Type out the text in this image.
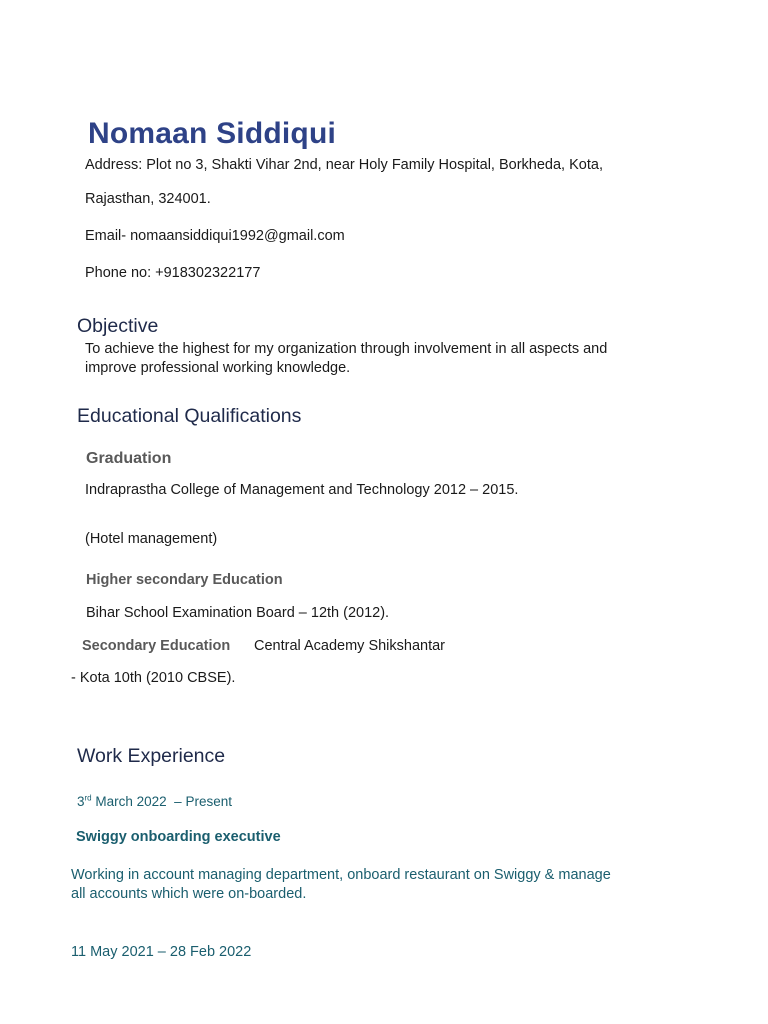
Nomaan Siddiqui
Address: Plot no 3, Shakti Vihar 2nd, near Holy Family Hospital, Borkheda, Kota,
Rajasthan, 324001.
Email- nomaansiddiqui1992@gmail.com
Phone no: +918302322177
Objective
To achieve the highest for my organization through involvement in all aspects and
improve professional working knowledge.
Educational Qualifications
Graduation
Indraprastha College of Management and Technology 2012 – 2015.
(Hotel management)
Higher secondary Education
Bihar School Examination Board – 12th (2012).
Secondary Education Central Academy Shikshantar
- Kota 10th (2010 CBSE).
Work Experience
3rd March 2022  – Present
Swiggy onboarding executive
Working in account managing department, onboard restaurant on Swiggy & manage
all accounts which were on-boarded.
11 May 2021 – 28 Feb 2022
